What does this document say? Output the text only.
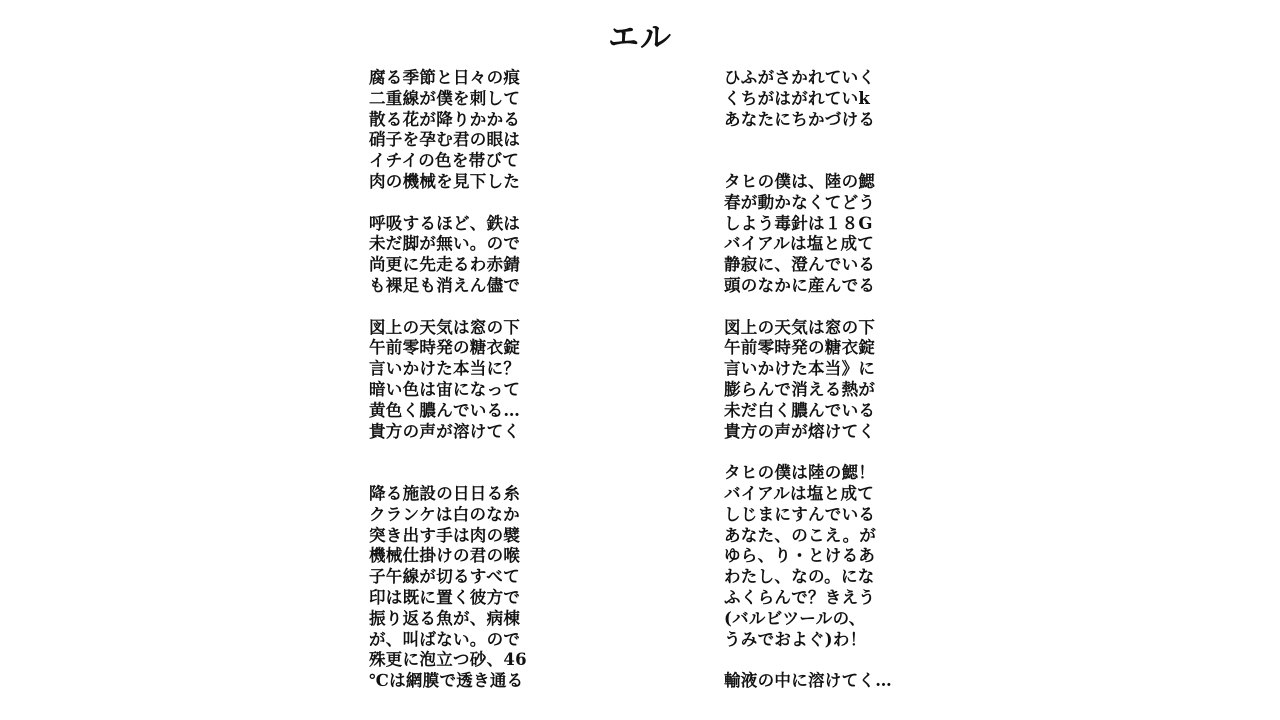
エル
腐る季節と日々の痕
二重線が僕を刺して
散る花が降りかかる
硝子を孕む君の眼は
イチイの色を帯びて
肉の機械を見下した
呼吸するほど、鉄は
未だ脚が無い。ので
尚更に先走るわ赤錆
も裸足も消えん儘で
図上の天気は窓の下
午前零時発の糖衣錠
言いかけた本当に？
暗い色は宙になって
黄色く膿んでいる…
貴方の声が溶けてく
降る施設の日日る糸
クランケは白のなか
突き出す手は肉の襞
機械仕掛けの君の喉
子午線が切るすべて
印は既に置く彼方で
振り返る魚が、病棟
が、叫ばない。ので
殊更に泡立つ砂、46
℃は網膜で透き通る
ひふがさかれていく
くちがはがれていk
あなたにちかづける
タヒの僕は、陸の鰓
春が動かなくてどう
しよう毒針は１８G
バイアルは塩と成て
静寂に、澄んでいる
頭のなかに産んでる
図上の天気は窓の下
午前零時発の糖衣錠
言いかけた本当》に
膨らんで消える熱が
未だ白く膿んでいる
貴方の声が熔けてく
タヒの僕は陸の鰓！
バイアルは塩と成て
しじまにすんでいる
あなた、のこえ。が
ゆら、り・とけるあ
わたし、なの。にな
ふくらんで？きえう
(バルビツールの、
うみでおよぐ)わ！
輸液の中に溶けてく…
